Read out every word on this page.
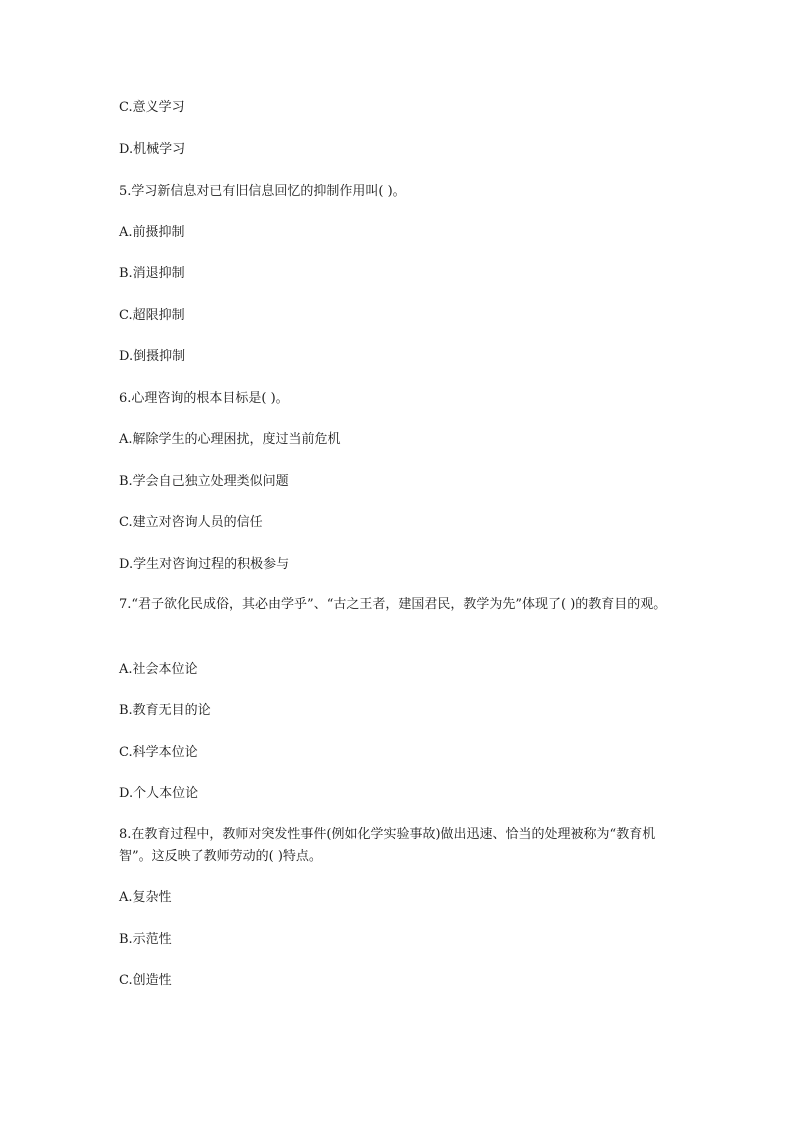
C.意义学习
D.机械学习
5.学习新信息对已有旧信息回忆的抑制作用叫( )。
A.前摄抑制
B.消退抑制
C.超限抑制
D.倒摄抑制
6.心理咨询的根本目标是( )。
A.解除学生的心理困扰，度过当前危机
B.学会自己独立处理类似问题
C.建立对咨询人员的信任
D.学生对咨询过程的积极参与
7.“君子欲化民成俗，其必由学乎”、“古之王者，建国君民，教学为先”体现了( )的教育目的观。
A.社会本位论
B.教育无目的论
C.科学本位论
D.个人本位论
8.在教育过程中，教师对突发性事件(例如化学实验事故)做出迅速、恰当的处理被称为“教育机智”。这反映了教师劳动的( )特点。
A.复杂性
B.示范性
C.创造性
